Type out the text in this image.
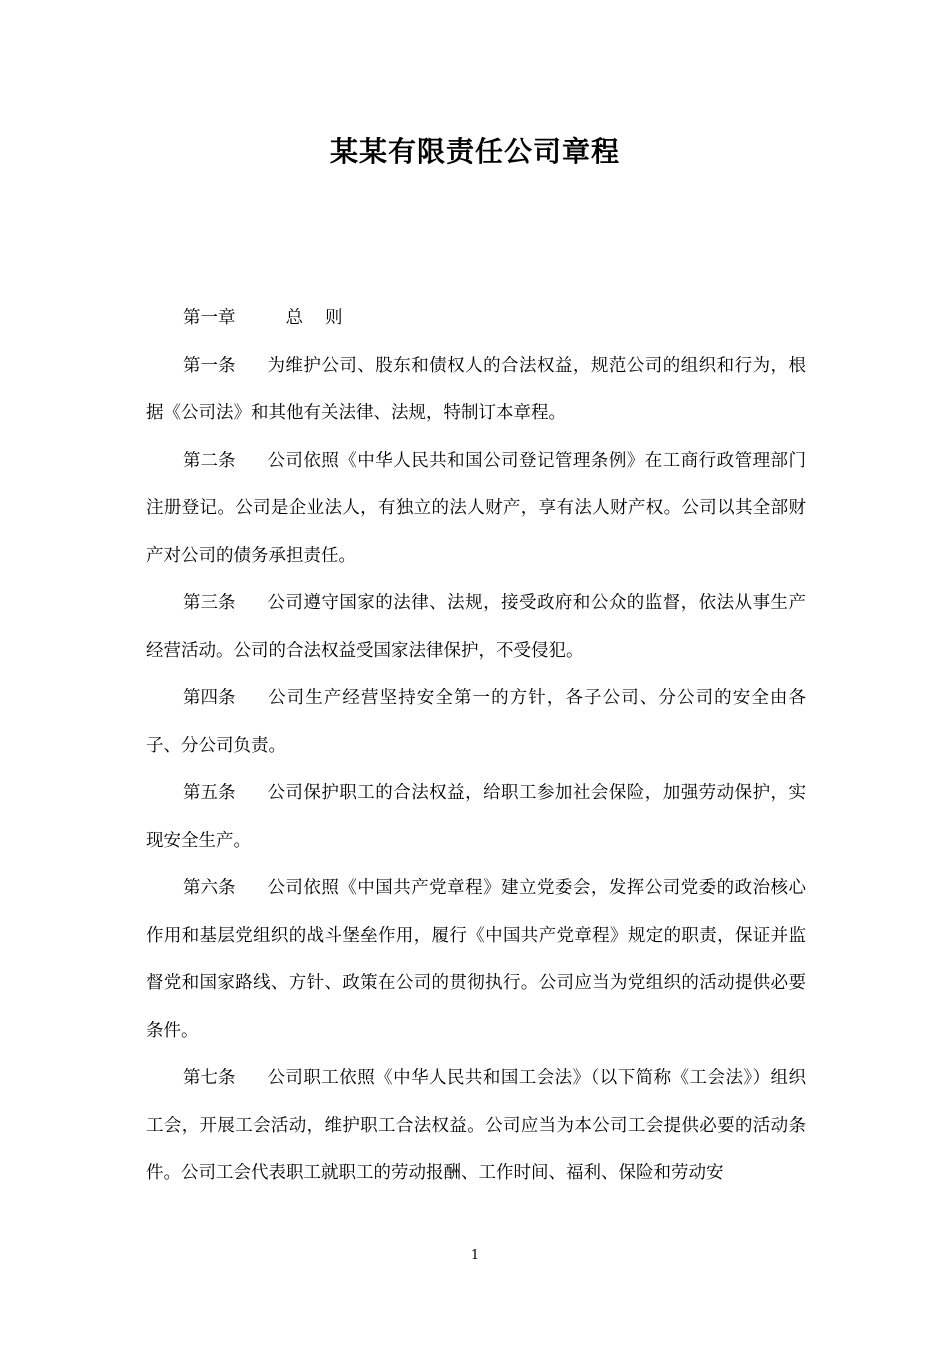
某某有限责任公司章程

第一章	总 则

第一条 为维护公司、股东和债权人的合法权益，规范公司的组织和行为，根据《公司法》和其他有关法律、法规，特制订本章程。

第二条 公司依照《中华人民共和国公司登记管理条例》在工商行政管理部门注册登记。公司是企业法人，有独立的法人财产，享有法人财产权。公司以其全部财产对公司的债务承担责任。

第三条 公司遵守国家的法律、法规，接受政府和公众的监督，依法从事生产经营活动。公司的合法权益受国家法律保护，不受侵犯。

第四条 公司生产经营坚持安全第一的方针，各子公司、分公司的安全由各子、分公司负责。

第五条 公司保护职工的合法权益，给职工参加社会保险，加强劳动保护，实现安全生产。

第六条 公司依照《中国共产党章程》建立党委会，发挥公司党委的政治核心作用和基层党组织的战斗堡垒作用，履行《中国共产党章程》规定的职责，保证并监督党和国家路线、方针、政策在公司的贯彻执行。公司应当为党组织的活动提供必要条件。

第七条 公司职工依照《中华人民共和国工会法》（以下简称《工会法》）组织工会，开展工会活动，维护职工合法权益。公司应当为本公司工会提供必要的活动条件。公司工会代表职工就职工的劳动报酬、工作时间、福利、保险和劳动安

1
